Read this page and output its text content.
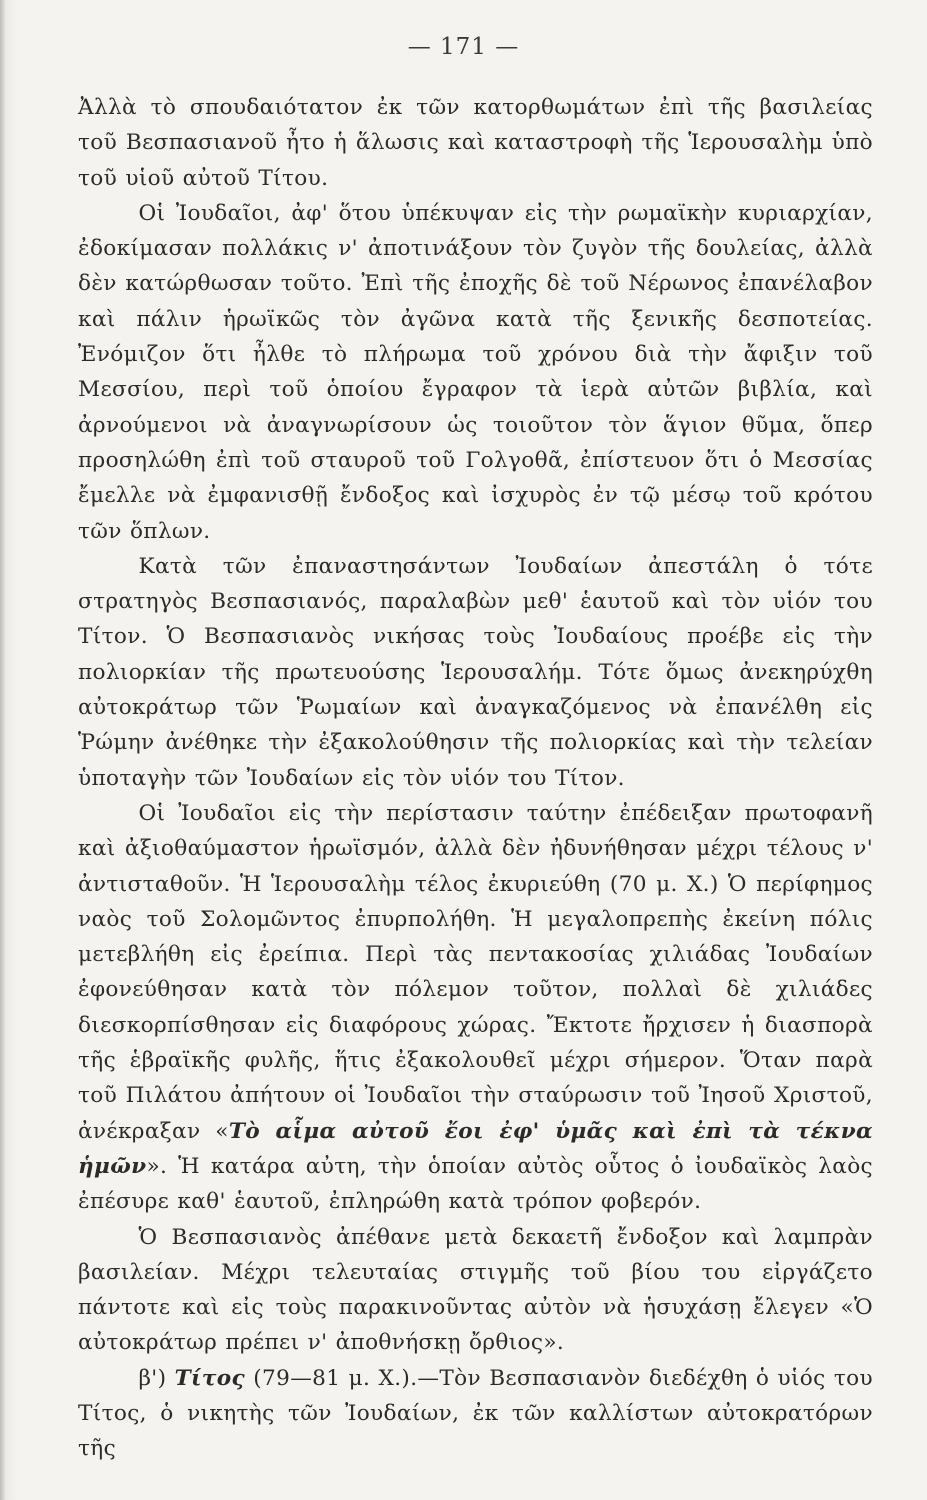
— 171 —

Ἀλλὰ τὸ σπουδαιότατον ἐκ τῶν κατορθωμάτων ἐπὶ τῆς βασιλείας τοῦ Βεσπασιανοῦ ἦτο ἡ ἅλωσις καὶ καταστροφὴ τῆς Ἱερουσαλὴμ ὑπὸ τοῦ υἱοῦ αὐτοῦ Τίτου.

Οἱ Ἰουδαῖοι, ἀφ' ὅτου ὑπέκυψαν εἰς τὴν ρωμαϊκὴν κυριαρχίαν, ἐδοκίμασαν πολλάκις ν' ἀποτινάξουν τὸν ζυγὸν τῆς δουλείας, ἀλλὰ δὲν κατώρθωσαν τοῦτο. Ἐπὶ τῆς ἐποχῆς δὲ τοῦ Νέρωνος ἐπανέλαβον καὶ πάλιν ἡρωϊκῶς τὸν ἀγῶνα κατὰ τῆς ξενικῆς δεσποτείας. Ἐνόμιζον ὅτι ἦλθε τὸ πλήρωμα τοῦ χρόνου διὰ τὴν ἄφιξιν τοῦ Μεσσίου, περὶ τοῦ ὁποίου ἔγραφον τὰ ἱερὰ αὐτῶν βιβλία, καὶ ἀρνούμενοι νὰ ἀναγνωρίσουν ὡς τοιοῦτον τὸν ἅγιον θῦμα, ὅπερ προσηλώθη ἐπὶ τοῦ σταυροῦ τοῦ Γολγοθᾶ, ἐπίστευον ὅτι ὁ Μεσσίας ἔμελλε νὰ ἐμφανισθῇ ἔνδοξος καὶ ἰσχυρὸς ἐν τῷ μέσῳ τοῦ κρότου τῶν ὅπλων.

Κατὰ τῶν ἐπαναστησάντων Ἰουδαίων ἀπεστάλη ὁ τότε στρατηγὸς Βεσπασιανός, παραλαβὼν μεθ' ἑαυτοῦ καὶ τὸν υἱόν του Τίτον. Ὁ Βεσπασιανὸς νικήσας τοὺς Ἰουδαίους προέβε εἰς τὴν πολιορκίαν τῆς πρωτευούσης Ἱερουσαλήμ. Τότε ὅμως ἀνεκηρύχθη αὐτοκράτωρ τῶν Ῥωμαίων καὶ ἀναγκαζόμενος νὰ ἐπανέλθη εἰς Ῥώμην ἀνέθηκε τὴν ἐξακολούθησιν τῆς πολιορκίας καὶ τὴν τελείαν ὑποταγὴν τῶν Ἰουδαίων εἰς τὸν υἱόν του Τίτον.

Οἱ Ἰουδαῖοι εἰς τὴν περίστασιν ταύτην ἐπέδειξαν πρωτοφανῆ καὶ ἀξιοθαύμαστον ἡρωϊσμόν, ἀλλὰ δὲν ἠδυνήθησαν μέχρι τέλους ν' ἀντισταθοῦν. Ἡ Ἱερουσαλὴμ τέλος ἐκυριεύθη (70 μ. Χ.) Ὁ περίφημος ναὸς τοῦ Σολομῶντος ἐπυρπολήθη. Ἡ μεγαλοπρεπὴς ἐκείνη πόλις μετεβλήθη εἰς ἐρείπια. Περὶ τὰς πεντακοσίας χιλιάδας Ἰουδαίων ἐφονεύθησαν κατὰ τὸν πόλεμον τοῦτον, πολλαὶ δὲ χιλιάδες διεσκορπίσθησαν εἰς διαφόρους χώρας. Ἔκτοτε ἤρχισεν ἡ διασπορὰ τῆς ἑβραϊκῆς φυλῆς, ἥτις ἐξακολουθεῖ μέχρι σήμερον. Ὅταν παρὰ τοῦ Πιλάτου ἀπήτουν οἱ Ἰουδαῖοι τὴν σταύρωσιν τοῦ Ἰησοῦ Χριστοῦ, ἀνέκραξαν «Τὸ αἷμα αὐτοῦ ἔοι ἐφ' ὑμᾶς καὶ ἐπὶ τὰ τέκνα ἡμῶν». Ἡ κατάρα αὐτη, τὴν ὁποίαν αὐτὸς οὗτος ὁ ἰουδαϊκὸς λαὸς ἐπέσυρε καθ' ἑαυτοῦ, ἐπληρώθη κατὰ τρόπον φοβερόν.

Ὁ Βεσπασιανὸς ἀπέθανε μετὰ δεκαετῆ ἔνδοξον καὶ λαμπρὰν βασιλείαν. Μέχρι τελευταίας στιγμῆς τοῦ βίου του εἰργάζετο πάντοτε καὶ εἰς τοὺς παρακινοῦντας αὐτὸν νὰ ἡσυχάσῃ ἔλεγεν «Ὁ αὐτοκράτωρ πρέπει ν' ἀποθνήσκῃ ὄρθιος».

β') Τίτος (79—81 μ. Χ.).—Τὸν Βεσπασιανὸν διεδέχθη ὁ υἱός του Τίτος, ὁ νικητὴς τῶν Ἰουδαίων, ἐκ τῶν καλλίστων αὐτοκρατόρων τῆς
